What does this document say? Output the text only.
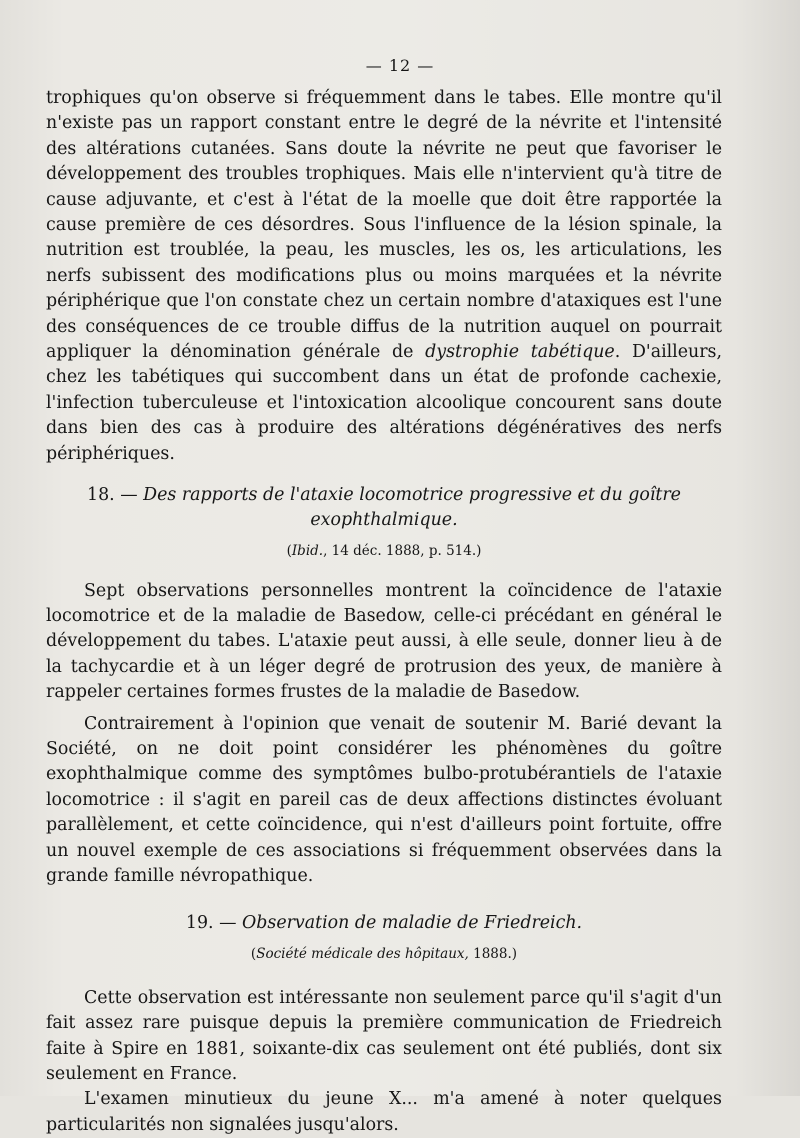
— 12 —

trophiques qu'on observe si fréquemment dans le tabes. Elle montre qu'il n'existe pas un rapport constant entre le degré de la névrite et l'intensité des altérations cutanées. Sans doute la névrite ne peut que favoriser le développement des troubles trophiques. Mais elle n'intervient qu'à titre de cause adjuvante, et c'est à l'état de la moelle que doit être rapportée la cause première de ces désordres. Sous l'influence de la lésion spinale, la nutrition est troublée, la peau, les muscles, les os, les articulations, les nerfs subissent des modifications plus ou moins marquées et la névrite périphérique que l'on constate chez un certain nombre d'ataxiques est l'une des conséquences de ce trouble diffus de la nutrition auquel on pourrait appliquer la dénomination générale de dystrophie tabétique. D'ailleurs, chez les tabétiques qui succombent dans un état de profonde cachexie, l'infection tuberculeuse et l'intoxication alcoolique concourent sans doute dans bien des cas à produire des altérations dégénératives des nerfs périphériques.

18. — Des rapports de l'ataxie locomotrice progressive et du goître
exophthalmique.
(Ibid., 14 déc. 1888, p. 514.)

Sept observations personnelles montrent la coïncidence de l'ataxie locomotrice et de la maladie de Basedow, celle-ci précédant en général le développement du tabes. L'ataxie peut aussi, à elle seule, donner lieu à de la tachycardie et à un léger degré de protrusion des yeux, de manière à rappeler certaines formes frustes de la maladie de Basedow.

Contrairement à l'opinion que venait de soutenir M. Barié devant la Société, on ne doit point considérer les phénomènes du goître exophthalmique comme des symptômes bulbo-protubérantiels de l'ataxie locomotrice : il s'agit en pareil cas de deux affections distinctes évoluant parallèlement, et cette coïncidence, qui n'est d'ailleurs point fortuite, offre un nouvel exemple de ces associations si fréquemment observées dans la grande famille névropathique.

19. — Observation de maladie de Friedreich.
(Société médicale des hôpitaux, 1888.)

Cette observation est intéressante non seulement parce qu'il s'agit d'un fait assez rare puisque depuis la première communication de Friedreich faite à Spire en 1881, soixante-dix cas seulement ont été publiés, dont six seulement en France.

L'examen minutieux du jeune X... m'a amené à noter quelques particularités non signalées jusqu'alors.
